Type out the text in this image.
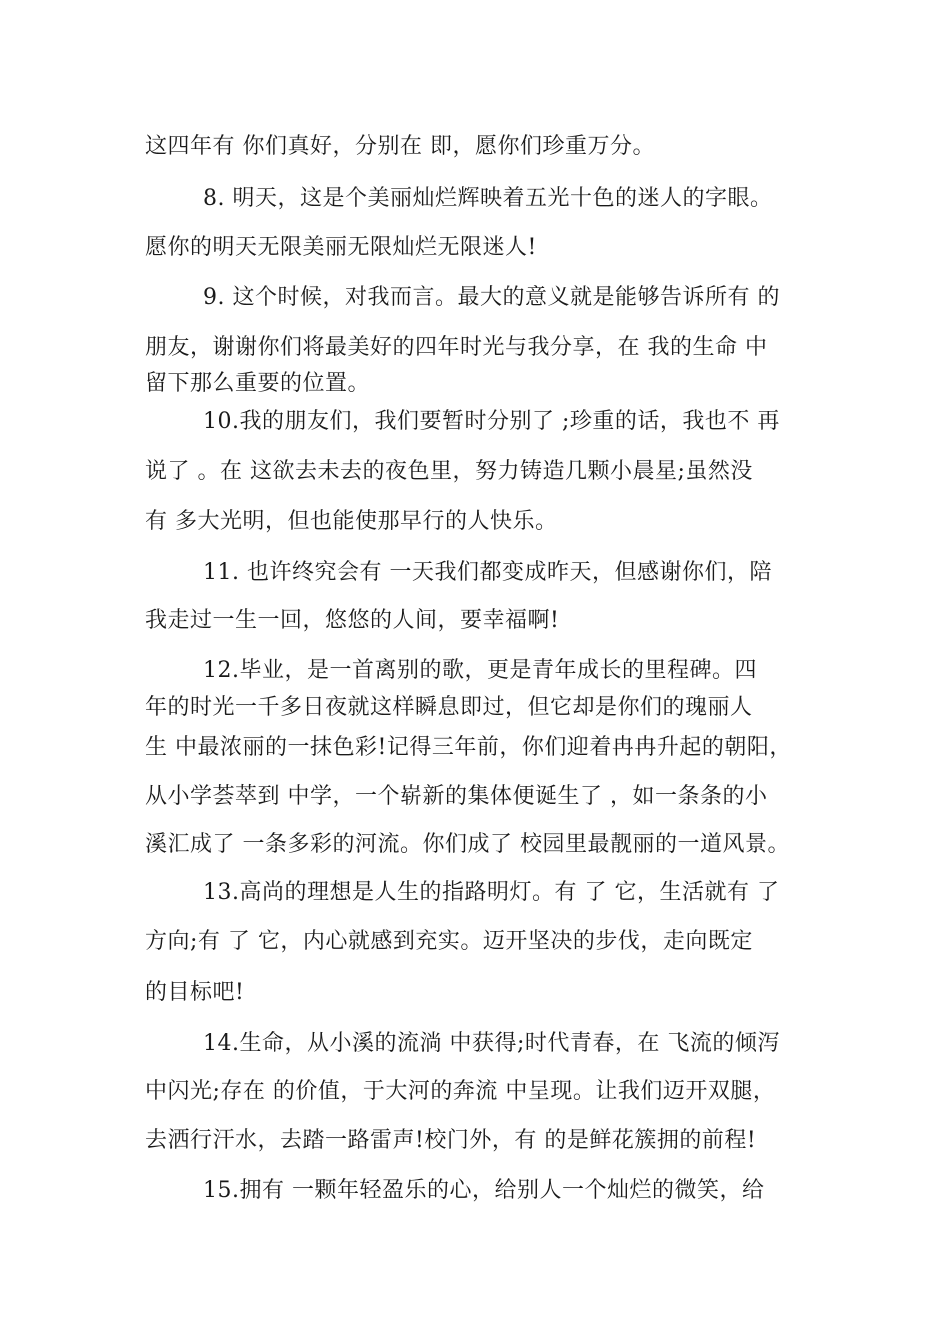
这四年有 你们真好，分别在 即，愿你们珍重万分。
8. 明天，这是个美丽灿烂辉映着五光十色的迷人的字眼。
愿你的明天无限美丽无限灿烂无限迷人!
9. 这个时候，对我而言。最大的意义就是能够告诉所有 的
朋友，谢谢你们将最美好的四年时光与我分享，在 我的生命 中
留下那么重要的位置。
10.我的朋友们，我们要暂时分别了 ;珍重的话，我也不 再
说了 。在 这欲去未去的夜色里，努力铸造几颗小晨星;虽然没
有 多大光明，但也能使那早行的人快乐。
11. 也许终究会有 一天我们都变成昨天，但感谢你们，陪
我走过一生一回，悠悠的人间，要幸福啊!
12.毕业，是一首离别的歌，更是青年成长的里程碑。四
年的时光一千多日夜就这样瞬息即过，但它却是你们的瑰丽人
生 中最浓丽的一抹色彩!记得三年前，你们迎着冉冉升起的朝阳，
从小学荟萃到 中学，一个崭新的集体便诞生了 ，如一条条的小
溪汇成了 一条多彩的河流。你们成了 校园里最靓丽的一道风景。
13.高尚的理想是人生的指路明灯。有 了 它，生活就有 了
方向;有 了 它，内心就感到充实。迈开坚决的步伐，走向既定
的目标吧!
14.生命，从小溪的流淌 中获得;时代青春，在 飞流的倾泻
中闪光;存在 的价值，于大河的奔流 中呈现。让我们迈开双腿，
去洒行汗水，去踏一路雷声!校门外，有 的是鲜花簇拥的前程!
15.拥有 一颗年轻盈乐的心，给别人一个灿烂的微笑，给
